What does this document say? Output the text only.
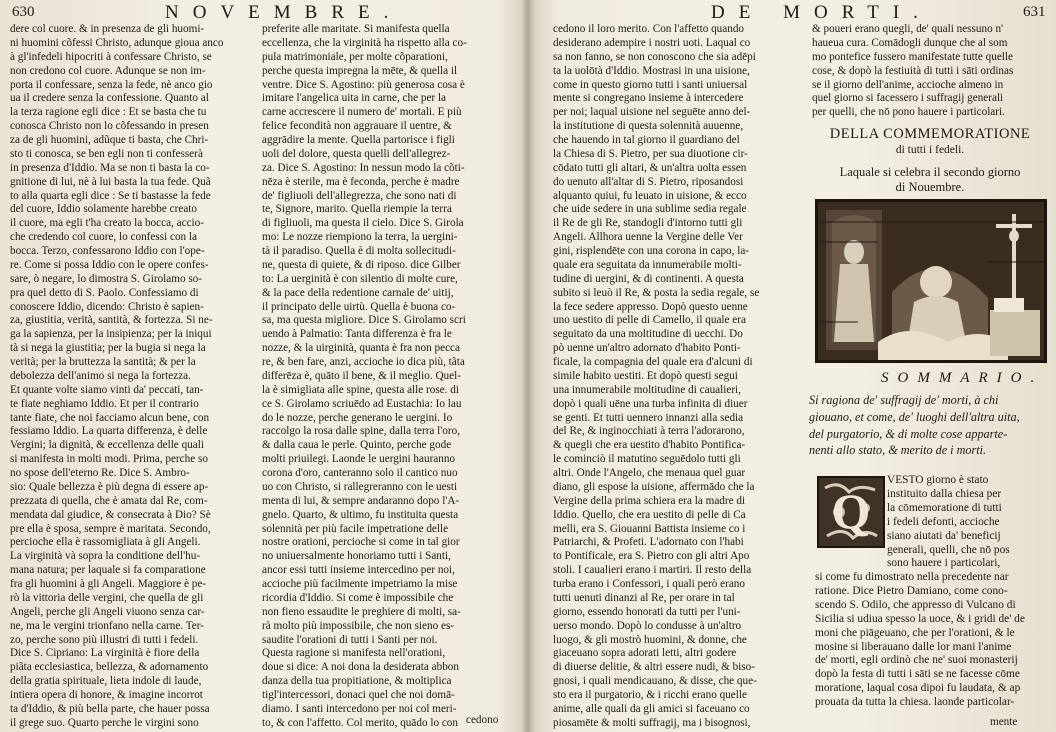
630	NOVEMBRE.

dere col cuore. & in presenza de gli huomi-

ni huomini cõfessi Christo, adunque gioua anco

à gl'infedeli hipocriti à confessare Christo, se

non credono col cuore. Adunque se non im-

porta il confessare, senza la fede, nè anco gio

ua il credere senza la confessione. Quanto al

la terza ragione egli dice : Et se basta che tu

conosca Christo non lo cõfessando in presen

za de gli huomini, adũque ti basta, che Chri-

sto ti conosca, se ben egli non ti confesserà

in presenza d'Iddio. Ma se non ti basta la co-

gnitione di lui, nè à lui basta la tua fede. Quã

to alla quarta egli dice : Se ti bastasse la fede

del cuore, Iddio solamente harebbe creato

il cuore, ma egli t'ha creato la bocca, accio-

che credendo col cuore, lo confessi con la

bocca. Terzo, confessarono Iddio con l'ope-

re. Come si possa Iddio con le opere confes-

sare, ò negare, lo dimostra S. Girolamo so-

pra quel detto di S. Paolo. Confessiamo di

conoscere Iddio, dicendo: Christo è sapien-

za, giustitia, verità, santità, & fortezza. Si ne-

ga la sapienza, per la insipienza; per la iniqui

tà si nega la giustitia; per la bugia si nega la

verità; per la bruttezza la santità; & per la

debolezza dell'animo si nega la fortezza.

Et quante volte siamo vinti da' peccati, tan-

te fiate neghiamo Iddio. Et per il contrario

tante fiate, che noi facciamo alcun bene, con

fessiamo Iddio. La quarta differenza, è delle

Vergini; la dignità, & eccellenza delle quali

si manifesta in molti modi. Prima, perche so

no spose dell'eterno Re. Dice S. Ambro-

sio: Quale bellezza è più degna di essere ap-

prezzata di quella, che è amata dal Re, com-

mendata dal giudice, & consecrata à Dio? Sè

pre ella è sposa, sempre è maritata. Secondo,

percioche ella è rassomigliata à gli Angeli.

La virginità và sopra la conditione dell'hu-

mana natura; per laquale si fa comparatione

fra gli huomini à gli Angeli. Maggiore è pe-

rò la vittoria delle vergini, che quella de gli

Angeli, perche gli Angeli viuono senza car-

ne, ma le vergini trionfano nella carne. Ter-

zo, perche sono più illustri di tutti i fedeli.

Dice S. Cipriano: La virginità è fiore della

piãta ecclesiastica, bellezza, & adornamento

della gratia spirituale, lieta indole di laude,

intiera opera di honore, & imagine incorrot

ta d'Iddio, & più bella parte, che hauer possa

il grege suo. Quarto perche le virgini sono

preferite alle maritate. Si manifesta quella

eccellenza, che la virginità ha rispetto alla co-

pula matrimoniale, per molte cõparationi,

perche questa impregna la mēte, & quella il

ventre. Dice S. Agostino: più generosa cosa è

imitare l'angelica uita in carne, che per la

carne accrescere il numero de' mortali. E più

felice fecondità non aggrauare il uentre, &

aggrādire la mente. Quella partorisce i figli

uoli del dolore, questa quelli dell'allegrez-

za. Dice S. Agostino: In nessun modo la cõti-

nēza è sterile, ma è feconda, perche è madre

de' figliuoli dell'allegrezza, che sono nati di

te, Signore, marito. Quella riempie la terra

di figliuoli, ma questa il cielo. Dice S. Girola

mo: Le nozze riempiono la terra, la uergini-

tà il paradiso. Quella è di molta sollecitudi-

ne, questa di quiete, & di riposo. dice Gilber

to: La uerginità è con silentio di molte cure,

& la pace della redentione carnale de' uitij,

il principato delle uirtù. Quella è buona co-

sa, ma questa migliore. Dice S. Girolamo scri

uendo à Palmatio: Tanta differenza è fra le

nozze, & la uirginità, quanta è fra non pecca

re, & ben fare, anzi, accioche io dica più, tãta

differēza è, quāto il bene, & il meglio. Quel-

la è simigliata alle spine, questa alle rose. di

ce S. Girolamo scriuēdo ad Eustachia: Io lau

do le nozze, perche generano le uergini. Io

raccolgo la rosa dalle spine, dalla terra l'oro,

& dalla caua le perle. Quinto, perche gode

molti priuilegi. Laonde le uergini hauranno

corona d'oro, canteranno solo il cantico nuo

uo con Christo, si rallegreranno con le uesti

menta di lui, & sempre andaranno dopo l'A-

gnelo. Quarto, & ultimo, fu instituita questa

solennità per più facile impetratione delle

nostre orationi, percioche si come in tal gior

no uniuersalmente honoriamo tutti i Santi,

ancor essi tutti insieme intercedino per noi,

accioche più facilmente impetriamo la mise

ricordia d'Iddio. Si come è impossibile che

non fieno essaudite le preghiere di molti, sa-

rà molto più impossibile, che non sieno es-

saudite l'orationi di tutti i Santi per noi.

Questa ragione si manifesta nell'orationi,

doue si dice: A noi dona la desiderata abbon

danza della tua propitiatione, & moltiplica

tigl'intercessori, donaci quel che noi domā-

diamo. I santi intercedono per noi col meri-

to, & con l'affetto. Col merito, quādo lo con cedono
DE MORTI.	631

cedono il loro merito. Con l'affetto quando

desiderano adempire i nostri uoti. Laqual co

sa non fanno, se non conoscono che sia adēpi

ta la uolōtà d'Iddio. Mostrasi in una uisione,

come in questo giorno tutti i santi uniuersal

mente si congregano insieme à intercedere

per noi; laqual uisione nel seguēte anno del-

la institutione di questa solennità auuenne,

che hauendo in tal giorno il guardiano del

la Chiesa di S. Pietro, per sua diuotione cir-

cōdato tutti gli altari, & un'altra uolta essen

do uenuto all'altar di S. Pietro, riposandosi

alquanto quiui, fu leuato in uisione, & ecco

che uide sedere in una sublime sedia regale

il Re de gli Re, standogli d'intorno tutti gli

Angeli. Allhora uenne la Vergine delle Ver

gini, risplendēte con una corona in capo, la-

quale era seguitata da innumerabile molti-

tudine di uergini, & di continenti. A questa

subito si leuò il Re, & posta la sedia regale, se

la fece sedere appresso. Dopò questo uenne

uno uestito di pelle di Camello, il quale era

seguitato da una moltitudine di uecchi. Do

pò uenne un'altro adornato d'habito Ponti-

ficale, la compagnia del quale era d'alcuni di

simile habito uestiti. Et dopò questi segui

una innumerabile moltitudine di caualieri,

dopò i quali uēne una turba infinita di diuer

se genti. Et tutti uennero innanzi alla sedia

del Re, & inginocchiati à terra l'adorarono,

& quegli che era uestito d'habito Pontifica-

le cominciò il matutino seguēdolo tutti gli

altri. Onde l'Angelo, che menaua quel guar

diano, gli espose la uisione, affermādo che la

Vergine della prima schiera era la madre di

Iddio. Quello, che era uestito di pelle di Ca

melli, era S. Giouanni Battista insieme co i

Patriarchi, & Profeti. L'adornato con l'habi

to Pontificale, era S. Pietro con gli altri Apo

stoli. I caualieri erano i martiri. Il resto della

turba erano i Confessori, i quali però erano

tutti uenuti dinanzi al Re, per orare in tal

giorno, essendo honorati da tutti per l'uni-

uerso mondo. Dopò lo condusse à un'altro

luogo, & gli mostrò huomini, & donne, che

giaceuano sopra adorati letti, altri godere

di diuerse delitie, & altri essere nudi, & biso-

gnosi, i quali mendicauano, & disse, che que-

sto era il purgatorio, & i ricchi erano quelle

anime, alle quali da gli amici si faceuano co

piosamēte & molti suffragij, ma i bisognosi,

& poueri erano quegli, de' quali nessuno n'

haueua cura. Comādogli dunque che al som

mo pontefice fussero manifestate tutte quelle

cose, & dopò la festiuità di tutti i sāti ordinas

se il giorno dell'anime, accioche almeno in

quel giorno si facessero i suffragij generali

per quelli, che nō pono hauere i particolari.

DELLA COMMEMORATIONE
di tutti i fedeli.
Laquale si celebra il secondo giorno
di Nouembre.
SOMMARIO.

Si ragiona de' suffragij de' morti, à chi

giouano, et come, de' luoghi dell'altra uita,

del purgatorio, & di molte cose apparte-

nenti allo stato, & merito de i morti.

Q

VESTO giorno è stato

instituito dalla chiesa per

la cōmemoratione di tutti

i fedeli defonti, accioche

siano aiutati da' beneficij

generali, quelli, che nō pos

sono hauere i particolari,

si come fu dimostrato nella precedente nar

ratione. Dice Pietro Damiano, come cono-

scendo S. Odilo, che appresso di Vulcano di

Sicilia si udiua spesso la uoce, & i gridi de' de

moni che piāgeuano, che per l'orationi, & le

mosine si liberauano dalle lor mani l'anime

de' morti, egli ordinò che ne' suoi monasterij

dopò la festa di tutti i sāti se ne facesse cōme

moratione, laqual cosa dipoi fu laudata, & ap

prouata da tutta la chiesa. laonde particolar-

mente
